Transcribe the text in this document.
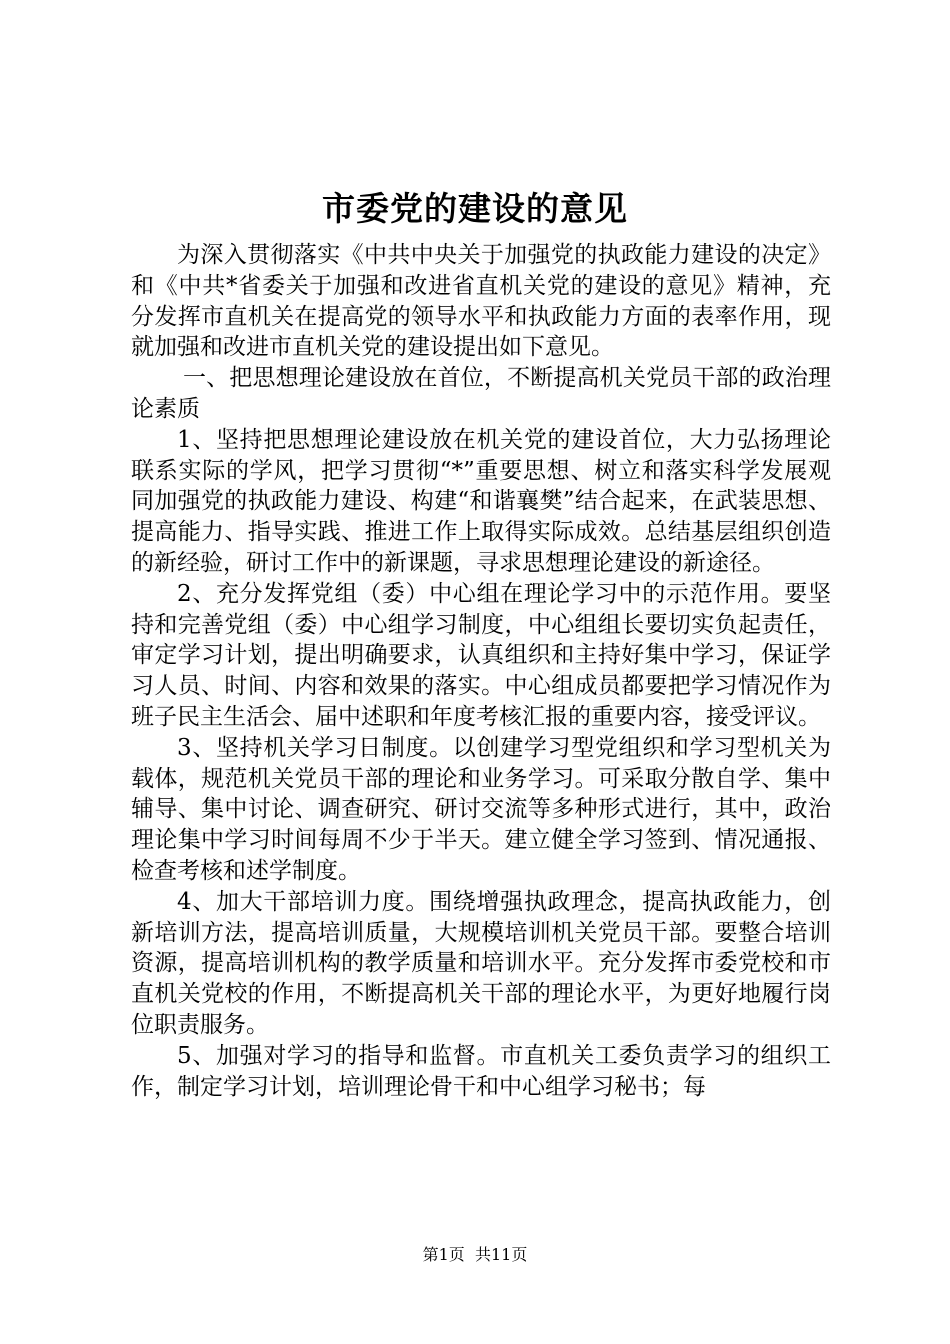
市委党的建设的意见

为深入贯彻落实《中共中央关于加强党的执政能力建设的决定》和《中共*省委关于加强和改进省直机关党的建设的意见》精神，充分发挥市直机关在提高党的领导水平和执政能力方面的表率作用，现就加强和改进市直机关党的建设提出如下意见。

一、把思想理论建设放在首位，不断提高机关党员干部的政治理论素质

1、坚持把思想理论建设放在机关党的建设首位，大力弘扬理论联系实际的学风，把学习贯彻“*”重要思想、树立和落实科学发展观同加强党的执政能力建设、构建“和谐襄樊”结合起来，在武装思想、提高能力、指导实践、推进工作上取得实际成效。总结基层组织创造的新经验，研讨工作中的新课题，寻求思想理论建设的新途径。

2、充分发挥党组（委）中心组在理论学习中的示范作用。要坚持和完善党组（委）中心组学习制度，中心组组长要切实负起责任，审定学习计划，提出明确要求，认真组织和主持好集中学习，保证学习人员、时间、内容和效果的落实。中心组成员都要把学习情况作为班子民主生活会、届中述职和年度考核汇报的重要内容，接受评议。

3、坚持机关学习日制度。以创建学习型党组织和学习型机关为载体，规范机关党员干部的理论和业务学习。可采取分散自学、集中辅导、集中讨论、调查研究、研讨交流等多种形式进行，其中，政治理论集中学习时间每周不少于半天。建立健全学习签到、情况通报、检查考核和述学制度。

4、加大干部培训力度。围绕增强执政理念，提高执政能力，创新培训方法，提高培训质量，大规模培训机关党员干部。要整合培训资源，提高培训机构的教学质量和培训水平。充分发挥市委党校和市直机关党校的作用，不断提高机关干部的理论水平，为更好地履行岗位职责服务。

5、加强对学习的指导和监督。市直机关工委负责学习的组织工作，制定学习计划，培训理论骨干和中心组学习秘书；每

第1页 共11页
